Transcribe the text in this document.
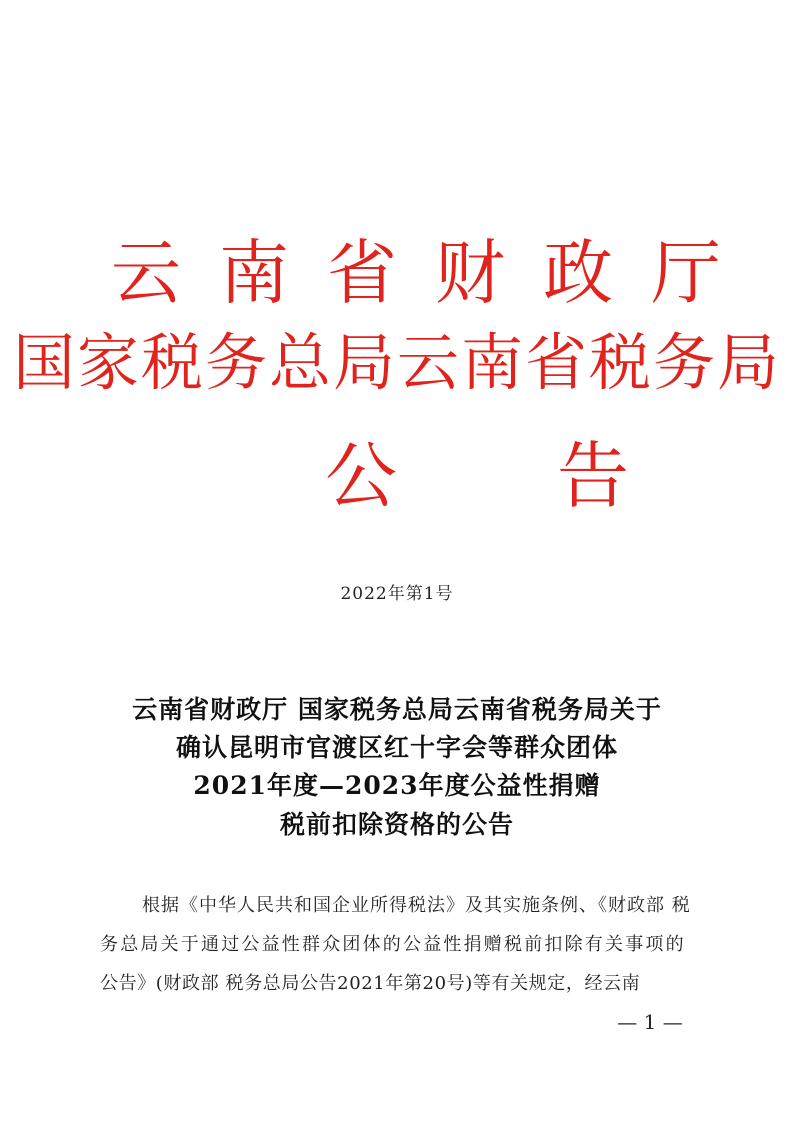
云南省财政厅
国家税务总局云南省税务局
公告
2022年第1号
云南省财政厅 国家税务总局云南省税务局关于
确认昆明市官渡区红十字会等群众团体
2021年度—2023年度公益性捐赠
税前扣除资格的公告
根据《中华人民共和国企业所得税法》及其实施条例、《财政部 税
务总局关于通过公益性群众团体的公益性捐赠税前扣除有关事项的
公告》(财政部 税务总局公告2021年第20号)等有关规定，经云南
— 1 —
